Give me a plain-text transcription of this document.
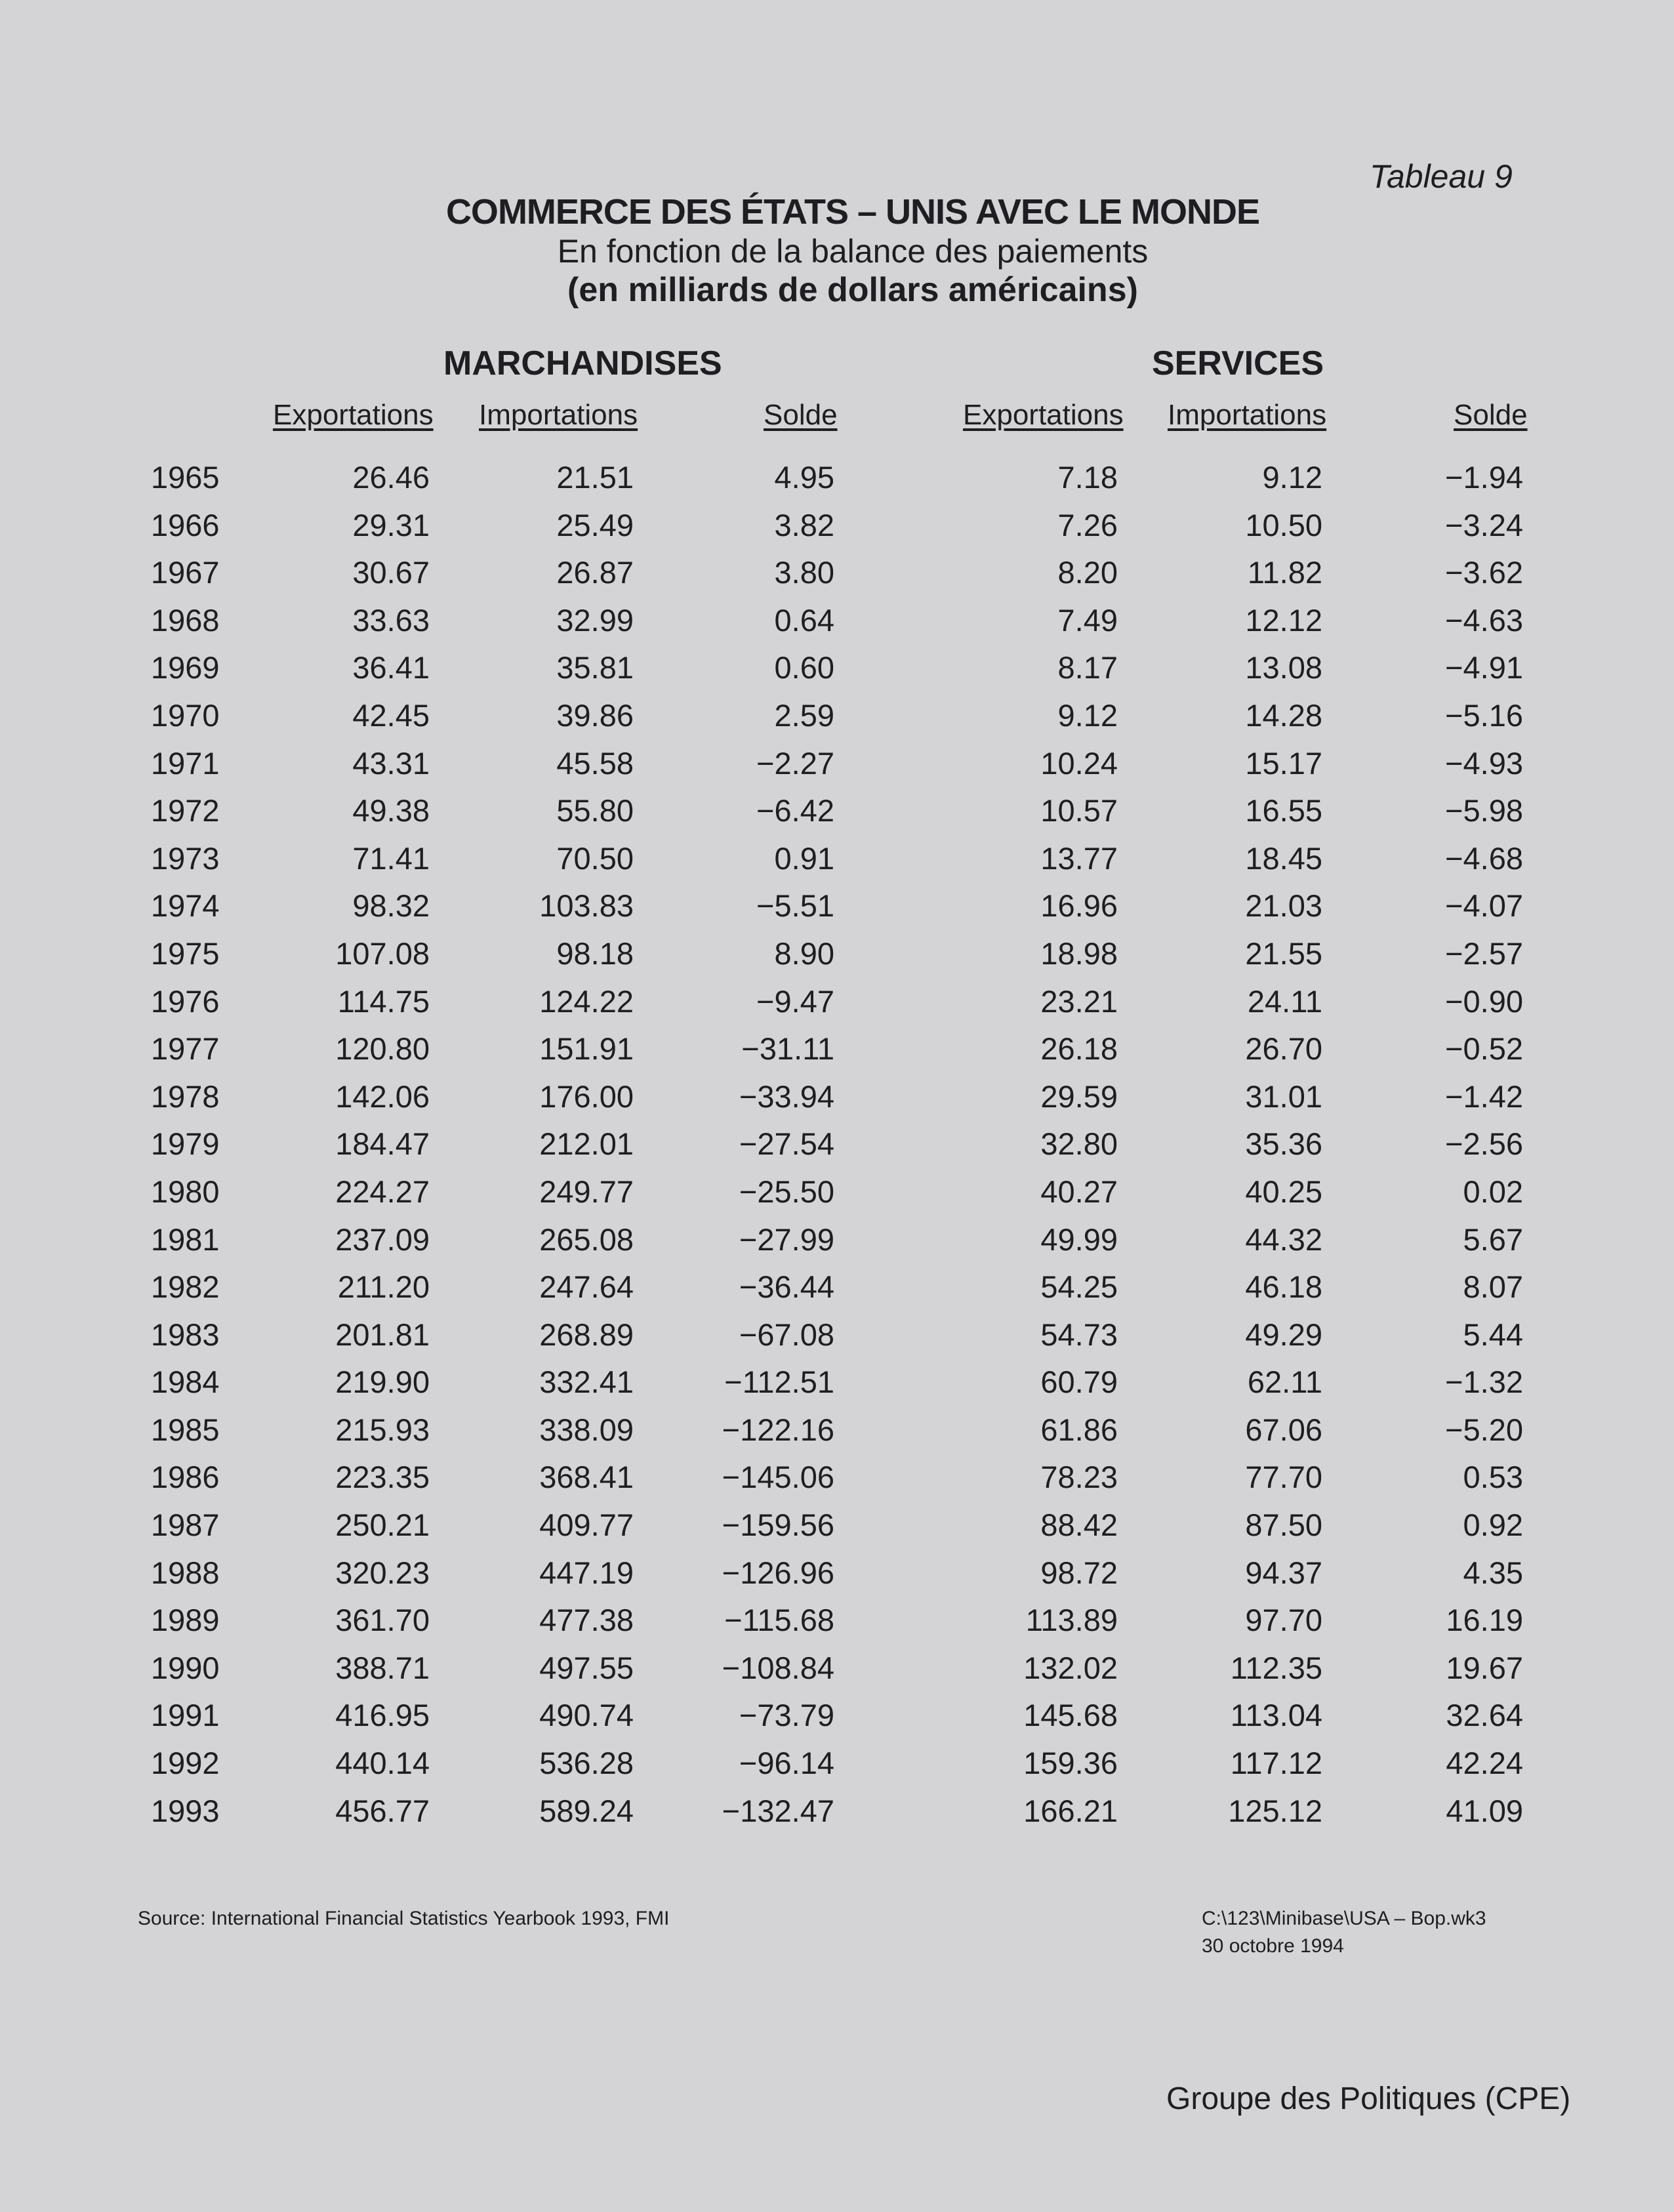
Tableau 9
COMMERCE DES ÉTATS – UNIS AVEC LE MONDE
En fonction de la balance des paiements
(en milliards de dollars américains)
MARCHANDISES	SERVICES
Exportations Importations	Solde	Exportations Importations	Solde
1965	26.46	21.51	4.95	7.18	9.12	−1.94
1966	29.31	25.49	3.82	7.26	10.50	−3.24
1967	30.67	26.87	3.80	8.20	11.82	−3.62
1968	33.63	32.99	0.64	7.49	12.12	−4.63
1969	36.41	35.81	0.60	8.17	13.08	−4.91
1970	42.45	39.86	2.59	9.12	14.28	−5.16
1971	43.31	45.58	−2.27	10.24	15.17	−4.93
1972	49.38	55.80	−6.42	10.57	16.55	−5.98
1973	71.41	70.50	0.91	13.77	18.45	−4.68
1974	98.32	103.83	−5.51	16.96	21.03	−4.07
1975	107.08	98.18	8.90	18.98	21.55	−2.57
1976	114.75	124.22	−9.47	23.21	24.11	−0.90
1977	120.80	151.91	−31.11	26.18	26.70	−0.52
1978	142.06	176.00	−33.94	29.59	31.01	−1.42
1979	184.47	212.01	−27.54	32.80	35.36	−2.56
1980	224.27	249.77	−25.50	40.27	40.25	0.02
1981	237.09	265.08	−27.99	49.99	44.32	5.67
1982	211.20	247.64	−36.44	54.25	46.18	8.07
1983	201.81	268.89	−67.08	54.73	49.29	5.44
1984	219.90	332.41	−112.51	60.79	62.11	−1.32
1985	215.93	338.09	−122.16	61.86	67.06	−5.20
1986	223.35	368.41	−145.06	78.23	77.70	0.53
1987	250.21	409.77	−159.56	88.42	87.50	0.92
1988	320.23	447.19	−126.96	98.72	94.37	4.35
1989	361.70	477.38	−115.68	113.89	97.70	16.19
1990	388.71	497.55	−108.84	132.02	112.35	19.67
1991	416.95	490.74	−73.79	145.68	113.04	32.64
1992	440.14	536.28	−96.14	159.36	117.12	42.24
1993	456.77	589.24	−132.47	166.21	125.12	41.09
Source: International Financial Statistics Yearbook 1993, FMI	C:\123\Minibase\USA – Bop.wk3
30 octobre 1994
Groupe des Politiques (CPE)
